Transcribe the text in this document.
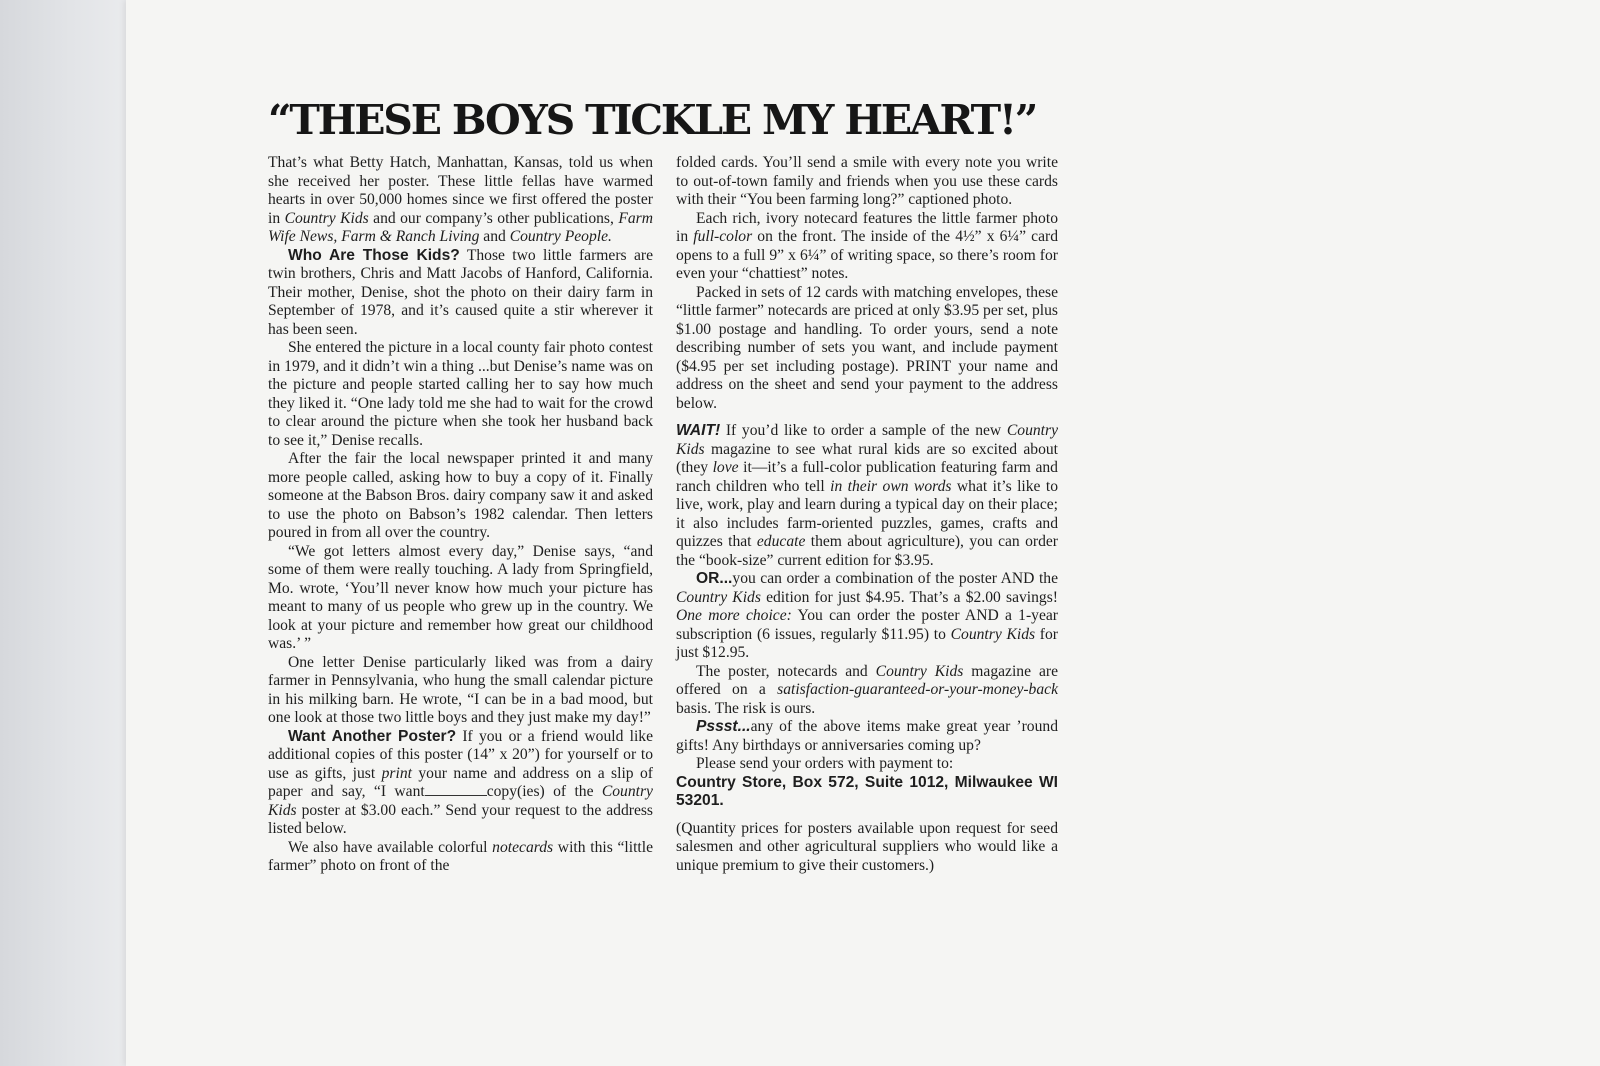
“THESE BOYS TICKLE MY HEART!”

That’s what Betty Hatch, Manhattan, Kansas, told us when she received her poster. These little fellas have warmed hearts in over 50,000 homes since we first offered the poster in Country Kids and our company’s other publications, Farm Wife News, Farm & Ranch Living and Country People.

Who Are Those Kids? Those two little farmers are twin brothers, Chris and Matt Jacobs of Hanford, California. Their mother, Denise, shot the photo on their dairy farm in September of 1978, and it’s caused quite a stir wherever it has been seen.

She entered the picture in a local county fair photo contest in 1979, and it didn’t win a thing ...but Denise’s name was on the picture and people started calling her to say how much they liked it. “One lady told me she had to wait for the crowd to clear around the picture when she took her husband back to see it,” Denise recalls.

After the fair the local newspaper printed it and many more people called, asking how to buy a copy of it. Finally someone at the Babson Bros. dairy company saw it and asked to use the photo on Babson’s 1982 calendar. Then letters poured in from all over the country.

“We got letters almost every day,” Denise says, “and some of them were really touching. A lady from Springfield, Mo. wrote, ‘You’ll never know how much your picture has meant to many of us people who grew up in the country. We look at your picture and remember how great our childhood was.’ ”

One letter Denise particularly liked was from a dairy farmer in Pennsylvania, who hung the small calendar picture in his milking barn. He wrote, “I can be in a bad mood, but one look at those two little boys and they just make my day!”

Want Another Poster? If you or a friend would like additional copies of this poster (14” x 20”) for yourself or to use as gifts, just print your name and address on a slip of paper and say, “I want	copy(ies) of the Country Kids poster at $3.00 each.” Send your request to the address listed below.

We also have available colorful notecards with this “little farmer” photo on front of the

folded cards. You’ll send a smile with every note you write to out-of-town family and friends when you use these cards with their “You been farming long?” captioned photo.

Each rich, ivory notecard features the little farmer photo in full-color on the front. The inside of the 4½” x 6¼” card opens to a full 9” x 6¼” of writing space, so there’s room for even your “chattiest” notes.

Packed in sets of 12 cards with matching envelopes, these “little farmer” notecards are priced at only $3.95 per set, plus $1.00 postage and handling. To order yours, send a note describing number of sets you want, and include payment ($4.95 per set including postage). PRINT your name and address on the sheet and send your payment to the address below.

WAIT! If you’d like to order a sample of the new Country Kids magazine to see what rural kids are so excited about (they love it—it’s a full-color publication featuring farm and ranch children who tell in their own words what it’s like to live, work, play and learn during a typical day on their place; it also includes farm-oriented puzzles, games, crafts and quizzes that educate them about agriculture), you can order the “book-size” current edition for $3.95.

OR...you can order a combination of the poster AND the Country Kids edition for just $4.95. That’s a $2.00 savings! One more choice: You can order the poster AND a 1-year subscription (6 issues, regularly $11.95) to Country Kids for just $12.95.

The poster, notecards and Country Kids magazine are offered on a satisfaction-guaranteed-or-your-money-back basis. The risk is ours.

Pssst...any of the above items make great year ’round gifts! Any birthdays or anniversaries coming up?

Please send your orders with payment to:

Country Store, Box 572, Suite 1012, Milwaukee WI 53201.

(Quantity prices for posters available upon request for seed salesmen and other agricultural suppliers who would like a unique premium to give their customers.)
